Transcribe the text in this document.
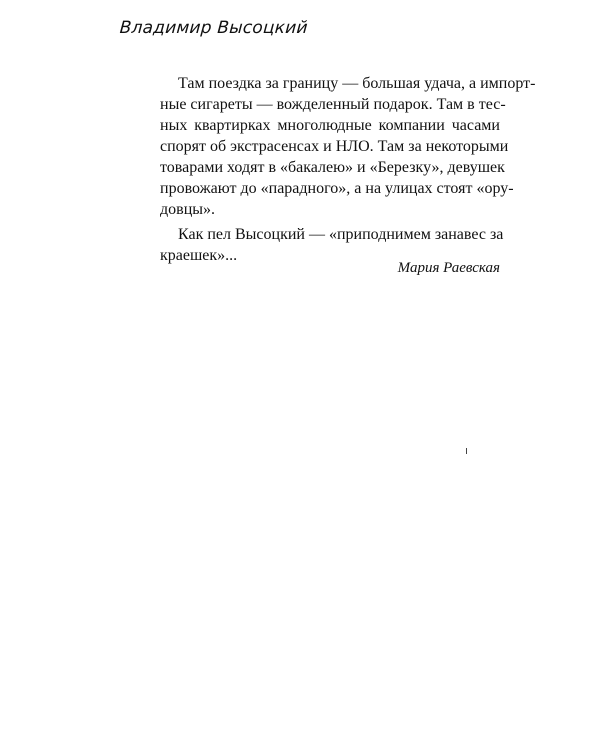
Владимир Высоцкий
Там поездка за границу — большая удача, а импорт-
ные сигареты — вожделенный подарок. Там в тес-
ных квартирках многолюдные компании часами
спорят об экстрасенсах и НЛО. Там за некоторыми
товарами ходят в «бакалею» и «Березку», девушек
провожают до «парадного», а на улицах стоят «ору-
довцы».
Как пел Высоцкий — «приподнимем занавес за
краешек»...
Мария Раевская
